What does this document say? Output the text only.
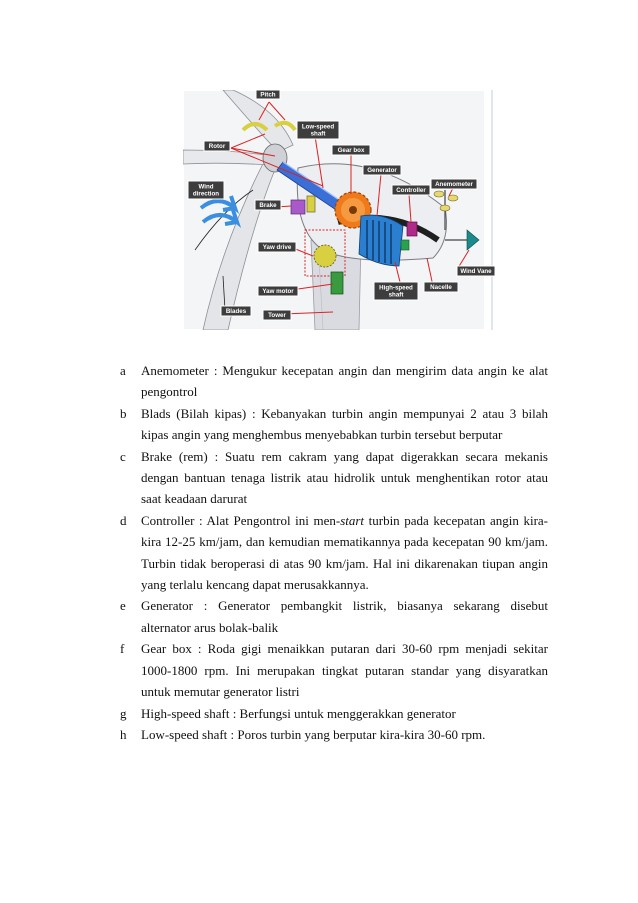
Pitch
Low-speed
shaft
Rotor
Gear box
Generator
Controller
Anemometer
Wind
direction
Brake
Yaw drive
Wind Vane
Yaw motor
High-speed
shaft
Nacelle
Blades
Tower
a Anemometer : Mengukur kecepatan angin dan mengirim data angin ke alat pengontrol
b Blads (Bilah kipas) : Kebanyakan turbin angin mempunyai 2 atau 3 bilah kipas angin yang menghembus menyebabkan turbin tersebut berputar
c Brake (rem) : Suatu rem cakram yang dapat digerakkan secara mekanis dengan bantuan tenaga listrik atau hidrolik untuk menghentikan rotor atau saat keadaan darurat
d Controller : Alat Pengontrol ini men-start turbin pada kecepatan angin kira-kira 12-25 km/jam, dan kemudian mematikannya pada kecepatan 90 km/jam. Turbin tidak beroperasi di atas 90 km/jam. Hal ini dikarenakan tiupan angin yang terlalu kencang dapat merusakkannya.
e Generator : Generator pembangkit listrik, biasanya sekarang disebut alternator arus bolak-balik
f Gear box : Roda gigi menaikkan putaran dari 30-60 rpm menjadi sekitar 1000-1800 rpm. Ini merupakan tingkat putaran standar yang disyaratkan untuk memutar generator listri
g High-speed shaft : Berfungsi untuk menggerakkan generator
h Low-speed shaft : Poros turbin yang berputar kira-kira 30-60 rpm.
